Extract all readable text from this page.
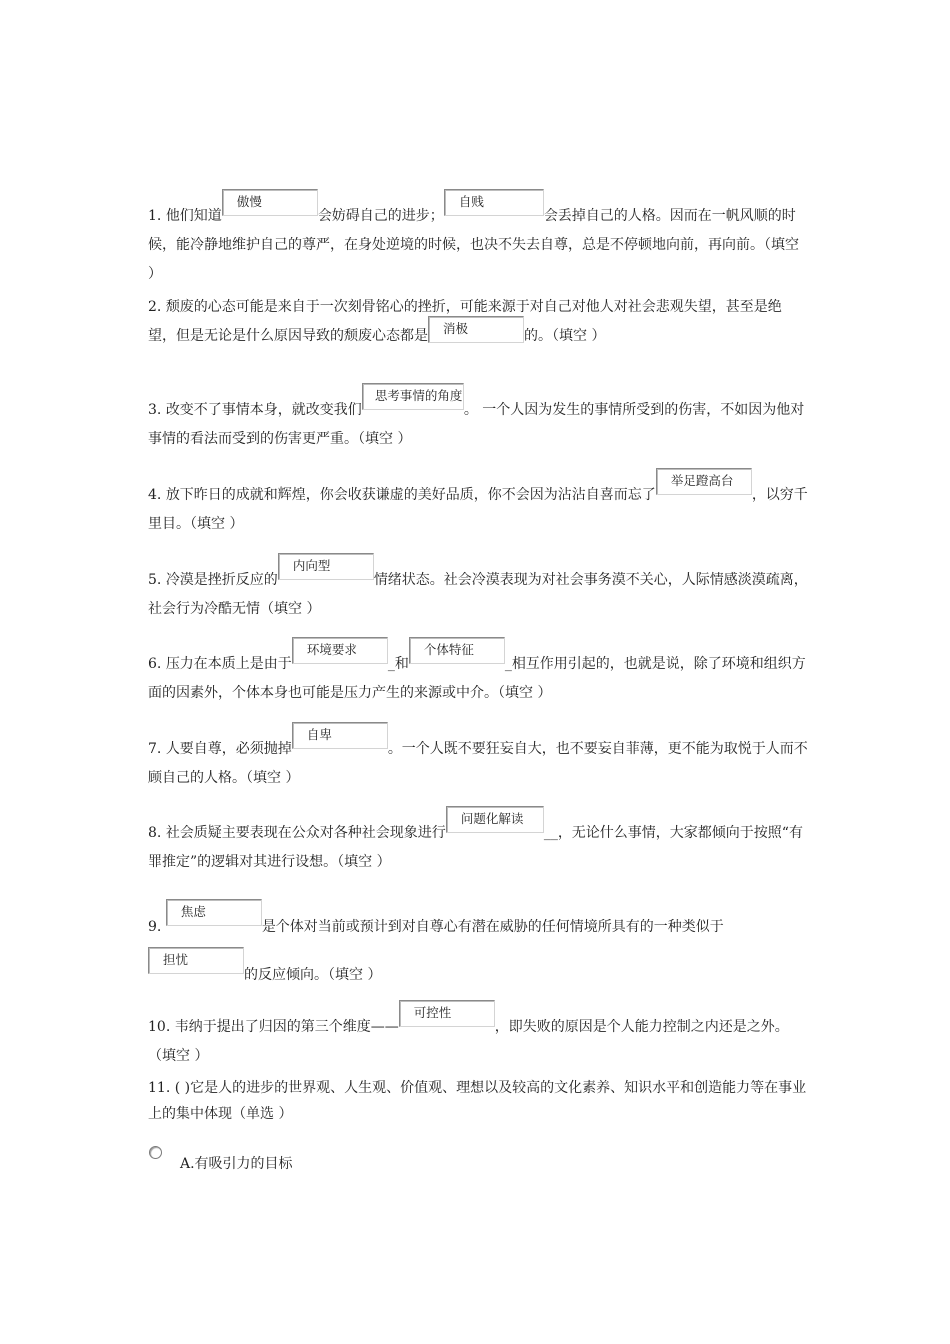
1. 他们知道傲慢会妨碍自己的进步；自贱会丢掉自己的人格。因而在一帆风顺的时候，能冷静地维护自己的尊严，在身处逆境的时候，也决不失去自尊，总是不停顿地向前，再向前。（填空 ）

2. 颓废的心态可能是来自于一次刻骨铭心的挫折，可能来源于对自己对他人对社会悲观失望，甚至是绝望，但是无论是什么原因导致的颓废心态都是 消极	的。（填空 ）

3. 改变不了事情本身，就改变我们思考事情的角度。 一个人因为发生的事情所受到的伤害，不如因为他对事情的看法而受到的伤害更严重。（填空 ）

4. 放下昨日的成就和辉煌，你会收获谦虚的美好品质，你不会因为沾沾自喜而忘了举足蹬高台，以穷千里目。（填空 ）

5. 冷漠是挫折反应的内向型情绪状态。社会冷漠表现为对社会事务漠不关心，人际情感淡漠疏离，社会行为冷酷无情（填空 ）

6. 压力在本质上是由于环境要求_和个体特征_相互作用引起的，也就是说，除了环境和组织方面的因素外，个体本身也可能是压力产生的来源或中介。（填空 ）

7. 人要自尊，必须抛掉自卑。一个人既不要狂妄自大，也不要妄自菲薄，更不能为取悦于人而不顾自己的人格。（填空 ）

8. 社会质疑主要表现在公众对各种社会现象进行问题化解读__，无论什么事情，大家都倾向于按照“有罪推定”的逻辑对其进行设想。（填空 ）

9. 焦虑是个体对当前或预计到对自尊心有潜在威胁的任何情境所具有的一种类似于担忧的反应倾向。（填空 ）

10. 韦纳于提出了归因的第三个维度——可控性，即失败的原因是个人能力控制之内还是之外。（填空 ）

11. ( )它是人的进步的世界观、人生观、价值观、理想以及较高的文化素养、知识水平和创造能力等在事业上的集中体现（单选 ）

A.有吸引力的目标
